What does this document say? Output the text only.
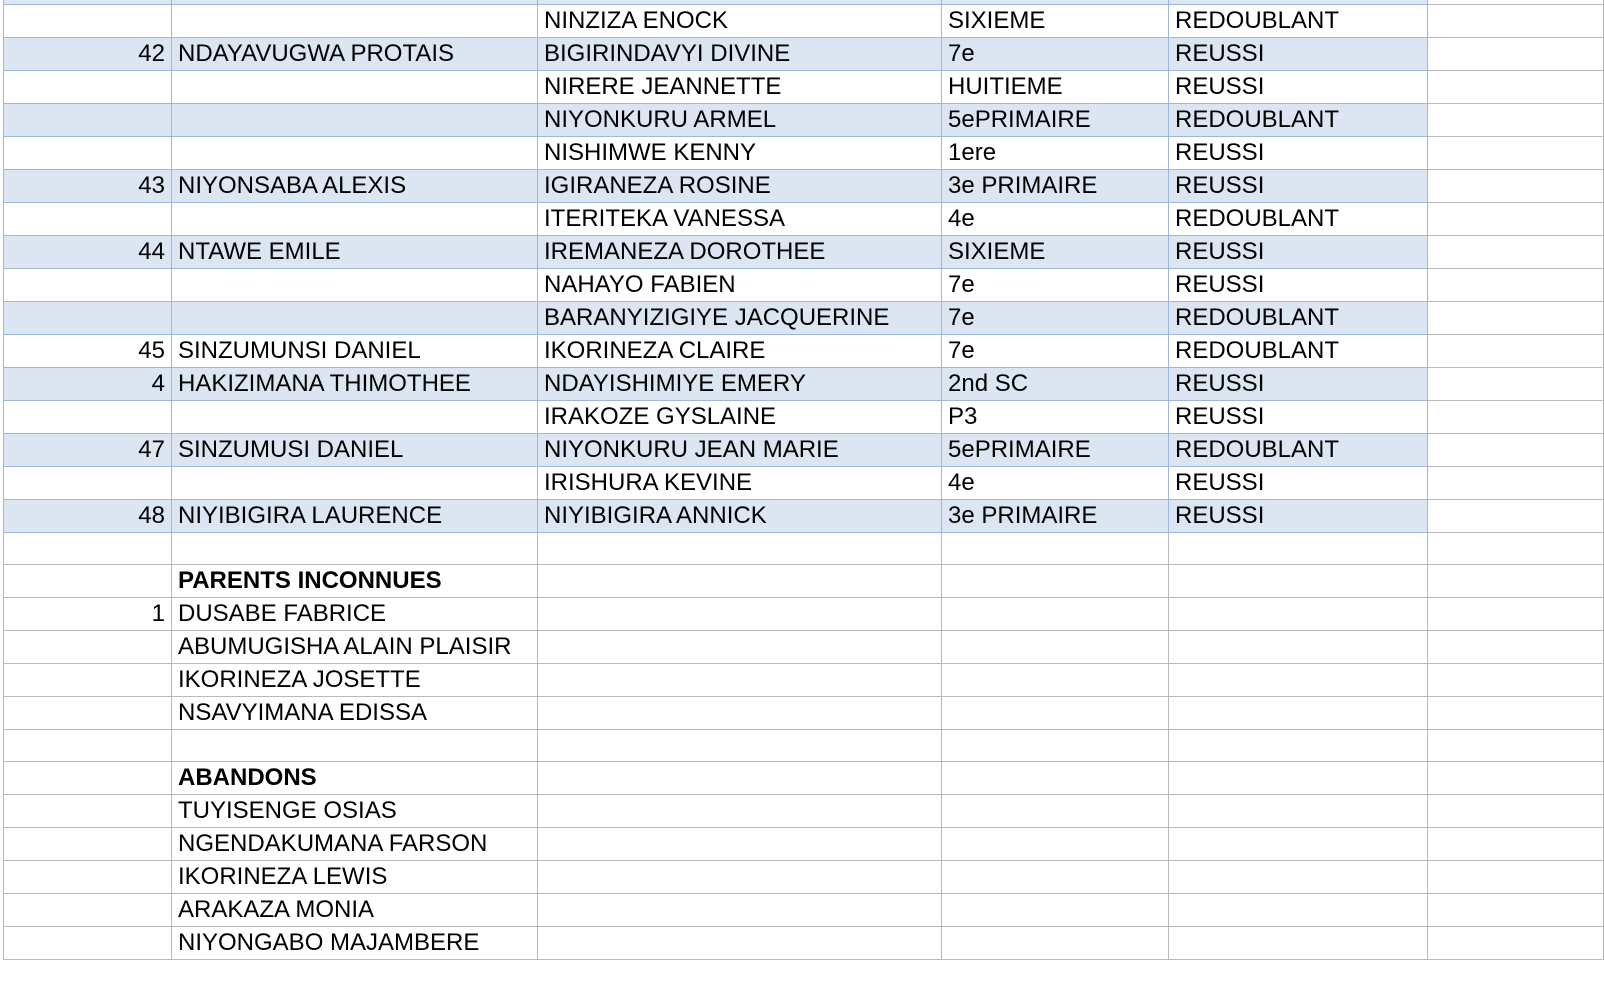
		NINZIZA ENOCK	SIXIEME	REDOUBLANT	
42	NDAYAVUGWA PROTAIS	BIGIRINDAVYI DIVINE	7e	REUSSI	
		NIRERE JEANNETTE	HUITIEME	REUSSI	
		NIYONKURU ARMEL	5ePRIMAIRE	REDOUBLANT	
		NISHIMWE KENNY	1ere	REUSSI	
43	NIYONSABA ALEXIS	IGIRANEZA ROSINE	3e PRIMAIRE	REUSSI	
		ITERITEKA VANESSA	4e	REDOUBLANT	
44	NTAWE EMILE	IREMANEZA DOROTHEE	SIXIEME	REUSSI	
		NAHAYO FABIEN	7e	REUSSI	
		BARANYIZIGIYE JACQUERINE	7e	REDOUBLANT	
45	SINZUMUNSI DANIEL	IKORINEZA CLAIRE	7e	REDOUBLANT	
4	HAKIZIMANA THIMOTHEE	NDAYISHIMIYE EMERY	2nd SC	REUSSI	
		IRAKOZE GYSLAINE	P3	REUSSI	
47	SINZUMUSI DANIEL	NIYONKURU JEAN MARIE	5ePRIMAIRE	REDOUBLANT	
		IRISHURA KEVINE	4e	REUSSI	
48	NIYIBIGIRA LAURENCE	NIYIBIGIRA ANNICK	3e PRIMAIRE	REUSSI	

	PARENTS INCONNUES				
1	DUSABE FABRICE				
	ABUMUGISHA ALAIN PLAISIR				
	IKORINEZA JOSETTE				
	NSAVYIMANA EDISSA				

	ABANDONS				
	TUYISENGE OSIAS				
	NGENDAKUMANA FARSON				
	IKORINEZA LEWIS				
	ARAKAZA MONIA				
	NIYONGABO MAJAMBERE				
